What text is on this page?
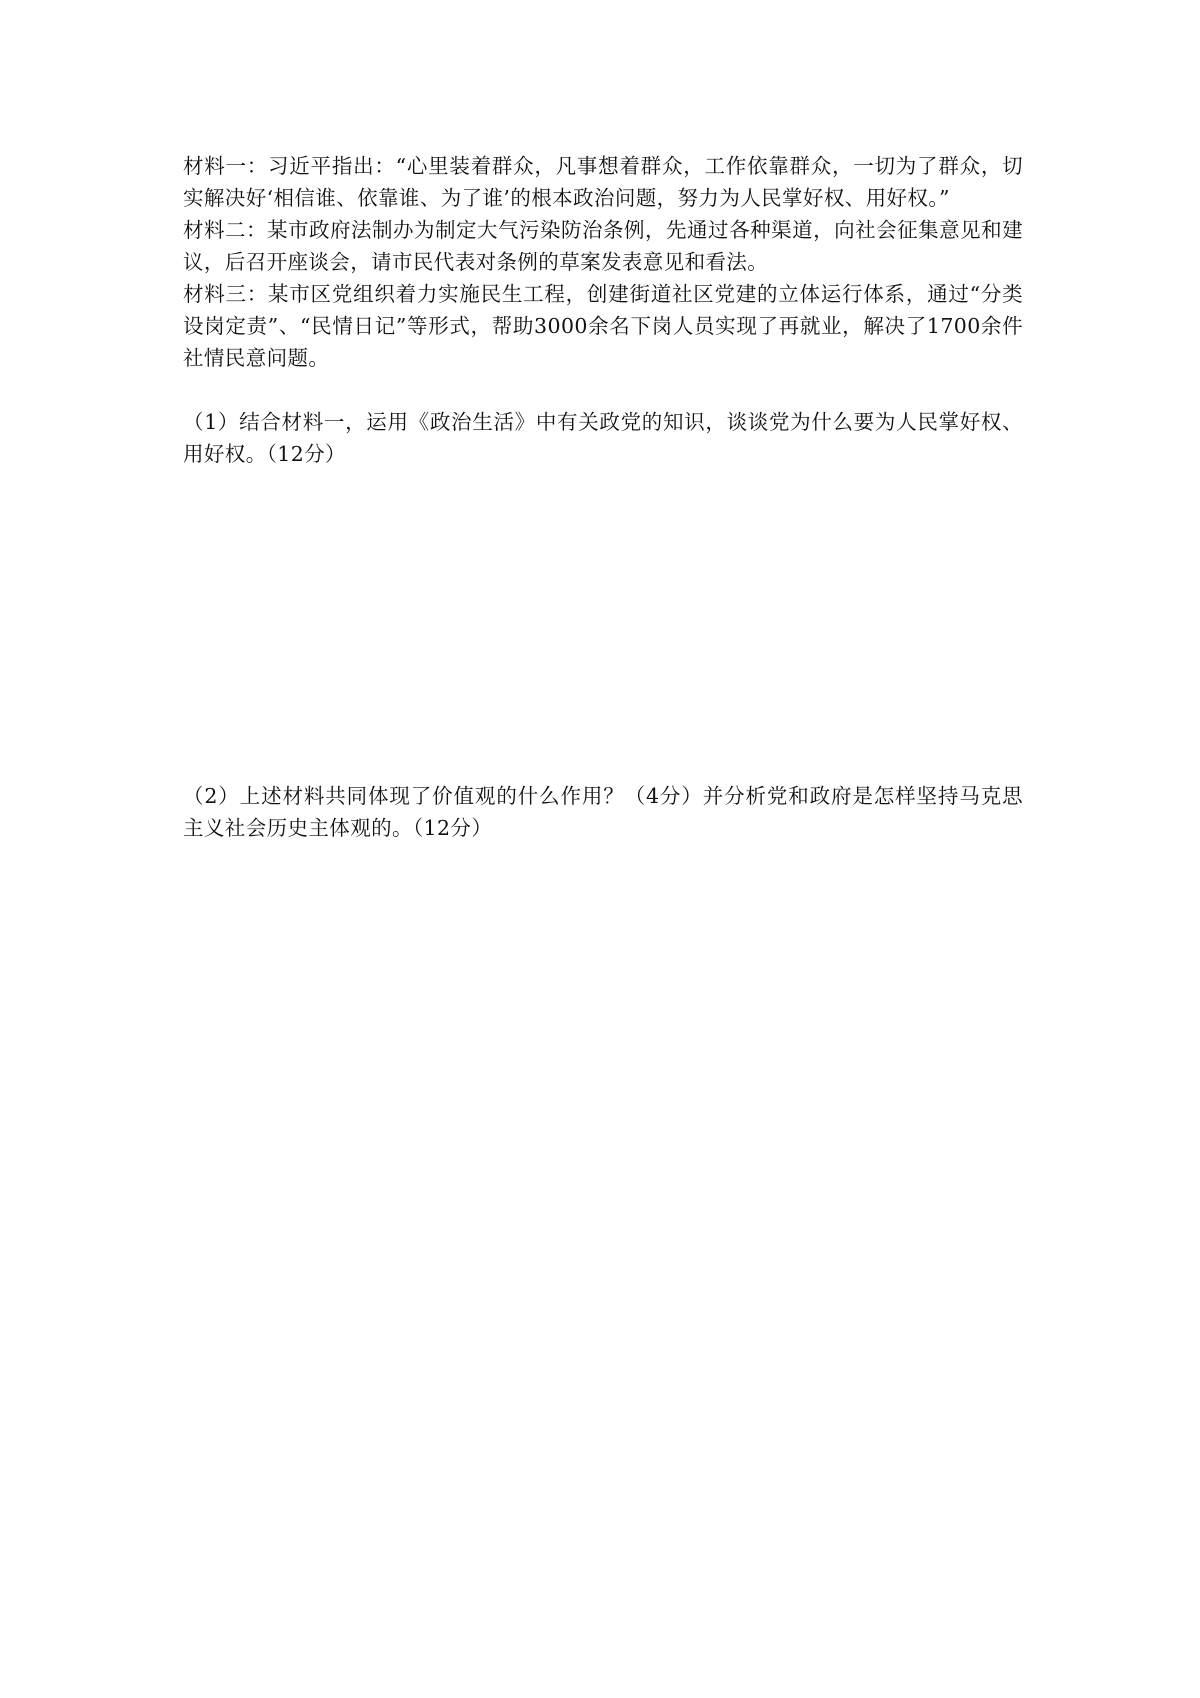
材料一：习近平指出：“心里装着群众，凡事想着群众，工作依靠群众，一切为了群众，切实解决好‘相信谁、依靠谁、为了谁’的根本政治问题，努力为人民掌好权、用好权。”

材料二：某市政府法制办为制定大气污染防治条例，先通过各种渠道，向社会征集意见和建议，后召开座谈会，请市民代表对条例的草案发表意见和看法。

材料三：某市区党组织着力实施民生工程，创建街道社区党建的立体运行体系，通过“分类设岗定责”、“民情日记”等形式，帮助3000余名下岗人员实现了再就业，解决了1700余件社情民意问题。

（1）结合材料一，运用《政治生活》中有关政党的知识，谈谈党为什么要为人民掌好权、用好权。（12分）

（2）上述材料共同体现了价值观的什么作用？（4分）并分析党和政府是怎样坚持马克思主义社会历史主体观的。（12分）
